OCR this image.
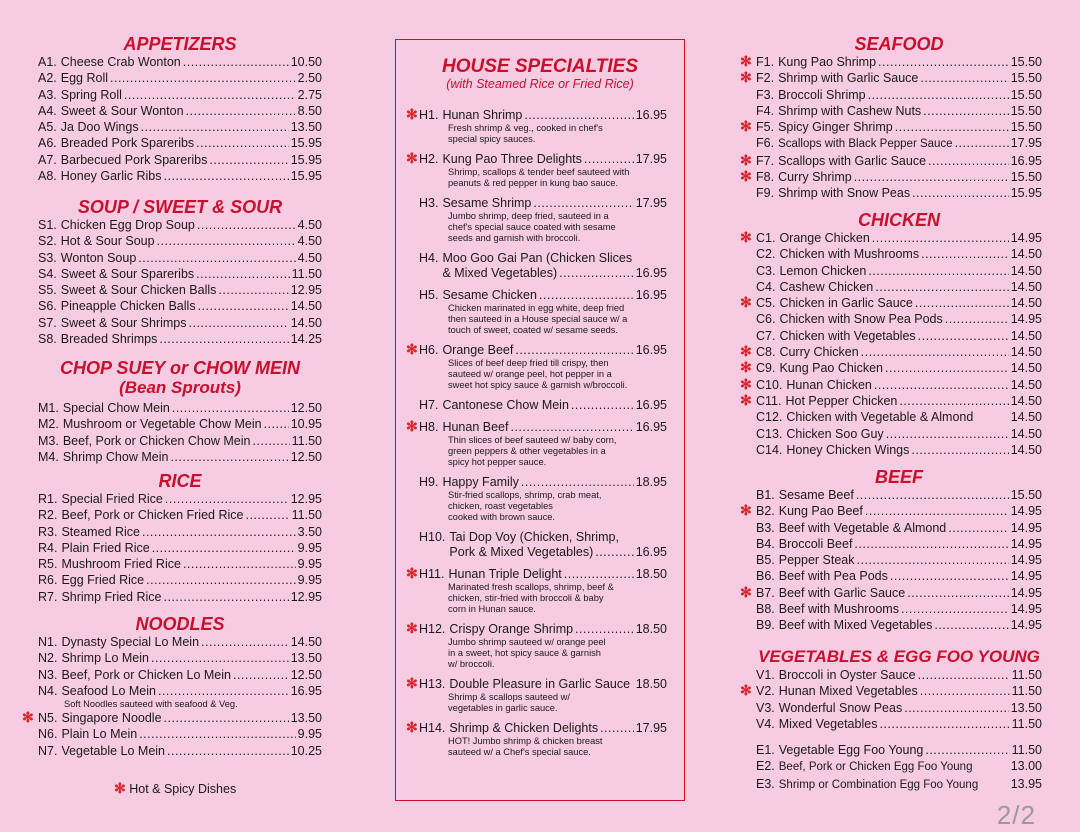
APPETIZERS
A1. Cheese Crab Wonton .....	10.50
A2. Egg Roll .....	2.50
A3. Spring Roll .....	2.75
A4. Sweet & Sour Wonton .....	8.50
A5. Ja Doo Wings .....	13.50
A6. Breaded Pork Spareribs .....	15.95
A7. Barbecued Pork Spareribs .....	15.95
A8. Honey Garlic Ribs .....	15.95
SOUP / SWEET & SOUR
S1. Chicken Egg Drop Soup .....	4.50
S2. Hot & Sour Soup .....	4.50
S3. Wonton Soup .....	4.50
S4. Sweet & Sour Spareribs .....	11.50
S5. Sweet & Sour Chicken Balls .....	12.95
S6. Pineapple Chicken Balls .....	14.50
S7. Sweet & Sour Shrimps .....	14.50
S8. Breaded Shrimps .....	14.25
CHOP SUEY or CHOW MEIN
(Bean Sprouts)
M1. Special Chow Mein .....	12.50
M2. Mushroom or Vegetable Chow Mein ..... 10.95
M3. Beef, Pork or Chicken Chow Mein .....	11.50
M4. Shrimp Chow Mein .....	12.50
RICE
R1. Special Fried Rice .....	12.95
R2. Beef, Pork or Chicken Fried Rice .....	11.50
R3. Steamed Rice .....	3.50
R4. Plain Fried Rice .....	9.95
R5. Mushroom Fried Rice .....	9.95
R6. Egg Fried Rice .....	9.95
R7. Shrimp Fried Rice .....	12.95
NOODLES
N1. Dynasty Special Lo Mein .....	14.50
N2. Shrimp Lo Mein .....	13.50
N3. Beef, Pork or Chicken Lo Mein .....	12.50
N4. Seafood Lo Mein .....	16.95
Soft Noodles sauteed with seafood & Veg.
✻ N5. Singapore Noodle .....	13.50
N6. Plain Lo Mein .....	9.95
N7. Vegetable Lo Mein .....	10.25
✻ Hot & Spicy Dishes
HOUSE SPECIALTIES
(with Steamed Rice or Fried Rice)
✻ H1. Hunan Shrimp .....	16.95
Fresh shrimp & veg., cooked in chef's
special spicy sauces.
✻ H2. Kung Pao Three Delights .....	17.95
Shrimp, scallops & tender beef sauteed with
peanuts & red pepper in kung bao sauce.
H3. Sesame Shrimp .....	17.95
Jumbo shrimp, deep fried, sauteed in a
chef's special sauce coated with sesame
seeds and garnish with broccoli.
H4. Moo Goo Gai Pan (Chicken Slices
& Mixed Vegetables) .....	16.95
H5. Sesame Chicken .....	16.95
Chicken marinated in egg white, deep fried
then sauteed in a House special sauce w/ a
touch of sweet, coated w/ sesame seeds.
✻ H6. Orange Beef .....	16.95
Slices of beef deep fried till crispy, then
sauteed w/ orange peel, hot pepper in a
sweet hot spicy sauce & garnish w/broccoli.
H7. Cantonese Chow Mein .....	16.95
✻ H8. Hunan Beef .....	16.95
Thin slices of beef sauteed w/ baby corn,
green peppers & other vegetables in a
spicy hot pepper sauce.
H9. Happy Family .....	18.95
Stir-fried scallops, shrimp, crab meat,
chicken, roast vegetables
cooked with brown sauce.
H10. Tai Dop Voy (Chicken, Shrimp,
Pork & Mixed Vegetables) .....	16.95
✻ H11. Hunan Triple Delight .....	18.50
Marinated fresh scallops, shrimp, beef &
chicken, stir-fried with broccoli & baby
corn in Hunan sauce.
✻ H12. Crispy Orange Shrimp .....	18.50
Jumbo shrimp sauteed w/ orange peel
in a sweet, hot spicy sauce & garnish
w/ broccoli.
✻ H13. Double Pleasure in Garlic Sauce 18.50
Shrimp & scallops sauteed w/
vegetables in garlic sauce.
✻ H14. Shrimp & Chicken Delights .....	17.95
HOT! Jumbo shrimp & chicken breast
sauteed w/ a Chef's special sauce.
SEAFOOD
✻ F1. Kung Pao Shrimp .....	15.50
✻ F2. Shrimp with Garlic Sauce .....	15.50
F3. Broccoli Shrimp .....	15.50
F4. Shrimp with Cashew Nuts .....	15.50
✻ F5. Spicy Ginger Shrimp .....	15.50
F6. Scallops with Black Pepper Sauce .....	17.95
✻ F7. Scallops with Garlic Sauce .....	16.95
✻ F8. Curry Shrimp .....	15.50
F9. Shrimp with Snow Peas .....	15.95
CHICKEN
✻ C1. Orange Chicken .....	14.95
C2. Chicken with Mushrooms .....	14.50
C3. Lemon Chicken .....	14.50
C4. Cashew Chicken .....	14.50
✻ C5. Chicken in Garlic Sauce .....	14.50
C6. Chicken with Snow Pea Pods .....	14.95
C7. Chicken with Vegetables .....	14.50
✻ C8. Curry Chicken .....	14.50
✻ C9. Kung Pao Chicken .....	14.50
✻ C10. Hunan Chicken .....	14.50
✻ C11. Hot Pepper Chicken .....	14.50
C12. Chicken with Vegetable & Almond	14.50
C13. Chicken Soo Guy .....	14.50
C14. Honey Chicken Wings .....	14.50
BEEF
B1. Sesame Beef .....	15.50
✻ B2. Kung Pao Beef .....	14.95
B3. Beef with Vegetable & Almond .....	14.95
B4. Broccoli Beef .....	14.95
B5. Pepper Steak .....	14.95
B6. Beef with Pea Pods .....	14.95
✻ B7. Beef with Garlic Sauce .....	14.95
B8. Beef with Mushrooms .....	14.95
B9. Beef with Mixed Vegetables .....	14.95
VEGETABLES & EGG FOO YOUNG
V1. Broccoli in Oyster Sauce .....	11.50
✻ V2. Hunan Mixed Vegetables .....	11.50
V3. Wonderful Snow Peas .....	13.50
V4. Mixed Vegetables .....	11.50
E1. Vegetable Egg Foo Young .....	11.50
E2. Beef, Pork or Chicken Egg Foo Young	13.00
E3. Shrimp or Combination Egg Foo Young	13.95
2/2
